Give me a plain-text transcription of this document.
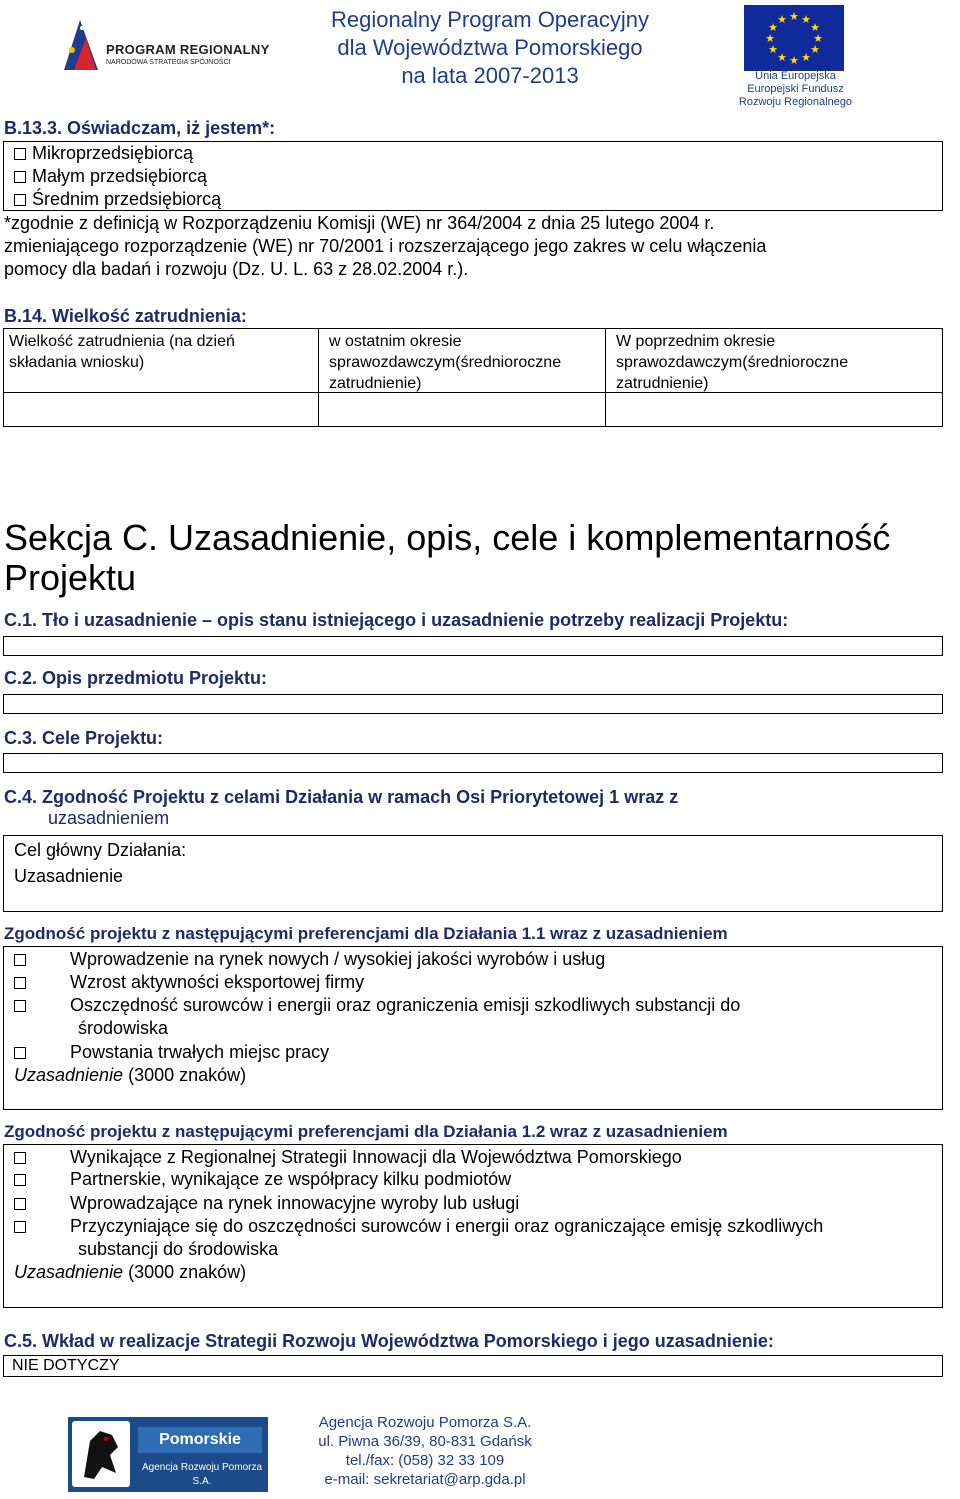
PROGRAM REGIONALNY
NARODOWA STRATEGIA SPÓJNOŚCI
Regionalny Program Operacyjny
dla Województwa Pomorskiego
na lata 2007-2013
★ ★
★
★
★
★
★
★
★
★
★
★
Unia Europejska
Europejski Fundusz
Rozwoju Regionalnego
B.13.3. Oświadczam, iż jestem*:
Mikroprzedsiębiorcą
Małym przedsiębiorcą
Średnim przedsiębiorcą
*zgodnie z definicją w Rozporządzeniu Komisji (WE) nr 364/2004 z dnia 25 lutego 2004 r.
zmieniającego rozporządzenie (WE) nr 70/2001 i rozszerzającego jego zakres w celu włączenia
pomocy dla badań i rozwoju (Dz. U. L. 63 z 28.02.2004 r.).
B.14. Wielkość zatrudnienia:
Wielkość zatrudnienia (na dzień
składania wniosku)
w ostatnim okresie
sprawozdawczym(średnioroczne
zatrudnienie)
W poprzednim okresie
sprawozdawczym(średnioroczne
zatrudnienie)
Sekcja C. Uzasadnienie, opis, cele i komplementarność
Projektu
C.1. Tło i uzasadnienie – opis stanu istniejącego i uzasadnienie potrzeby realizacji Projektu:
C.2. Opis przedmiotu Projektu:
C.3. Cele Projektu:
C.4. Zgodność Projektu z celami Działania w ramach Osi Priorytetowej 1 wraz z
uzasadnieniem
Cel główny Działania:
Uzasadnienie
Zgodność projektu z następującymi preferencjami dla Działania 1.1 wraz z uzasadnieniem
Wprowadzenie na rynek nowych / wysokiej jakości wyrobów i usług
Wzrost aktywności eksportowej firmy
Oszczędność surowców i energii oraz ograniczenia emisji szkodliwych substancji do
środowiska
Powstania trwałych miejsc pracy
Uzasadnienie (3000 znaków)
Zgodność projektu z następującymi preferencjami dla Działania 1.2 wraz z uzasadnieniem
Wynikające z Regionalnej Strategii Innowacji dla Województwa Pomorskiego
Partnerskie, wynikające ze współpracy kilku podmiotów
Wprowadzające na rynek innowacyjne wyroby lub usługi
Przyczyniające się do oszczędności surowców i energii oraz ograniczające emisję szkodliwych
substancji do środowiska
Uzasadnienie (3000 znaków)
C.5. Wkład w realizacje Strategii Rozwoju Województwa Pomorskiego i jego uzasadnienie:
NIE DOTYCZY
Pomorskie
Agencja Rozwoju Pomorza S.A.
Agencja Rozwoju Pomorza S.A.
ul. Piwna 36/39, 80-831 Gdańsk
tel./fax: (058) 32 33 109
e-mail: sekretariat@arp.gda.pl
